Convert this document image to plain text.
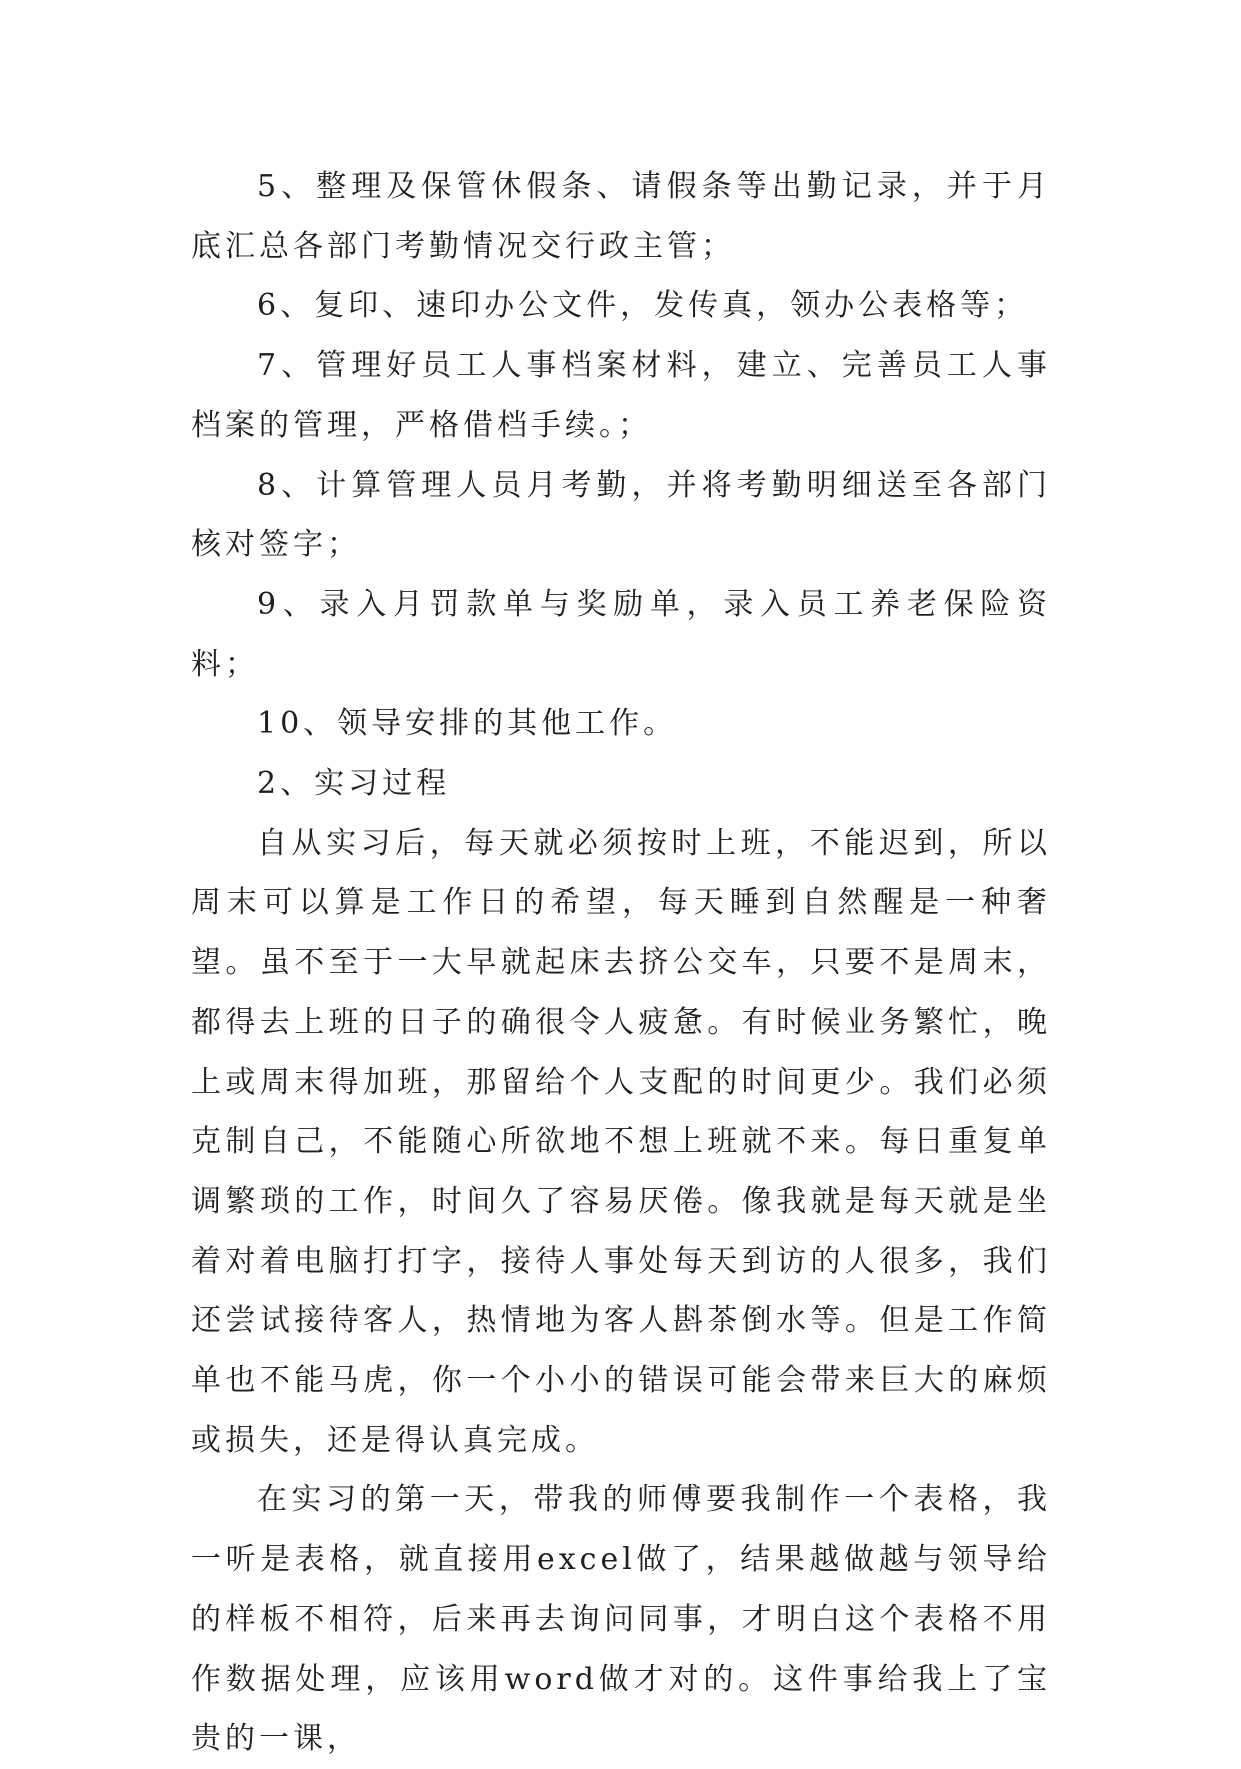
5、整理及保管休假条、请假条等出勤记录，并于月底汇总各部门考勤情况交行政主管；

6、复印、速印办公文件，发传真，领办公表格等；

7、管理好员工人事档案材料，建立、完善员工人事档案的管理，严格借档手续。；

8、计算管理人员月考勤，并将考勤明细送至各部门核对签字；

9、录入月罚款单与奖励单，录入员工养老保险资料；

10、领导安排的其他工作。

2、实习过程

自从实习后，每天就必须按时上班，不能迟到，所以周末可以算是工作日的希望，每天睡到自然醒是一种奢望。虽不至于一大早就起床去挤公交车，只要不是周末，都得去上班的日子的确很令人疲惫。有时候业务繁忙，晚上或周末得加班，那留给个人支配的时间更少。我们必须克制自己，不能随心所欲地不想上班就不来。每日重复单调繁琐的工作，时间久了容易厌倦。像我就是每天就是坐着对着电脑打打字，接待人事处每天到访的人很多，我们还尝试接待客人，热情地为客人斟茶倒水等。但是工作简单也不能马虎，你一个小小的错误可能会带来巨大的麻烦或损失，还是得认真完成。

在实习的第一天，带我的师傅要我制作一个表格，我一听是表格，就直接用excel做了，结果越做越与领导给的样板不相符，后来再去询问同事，才明白这个表格不用作数据处理，应该用word做才对的。这件事给我上了宝贵的一课，
